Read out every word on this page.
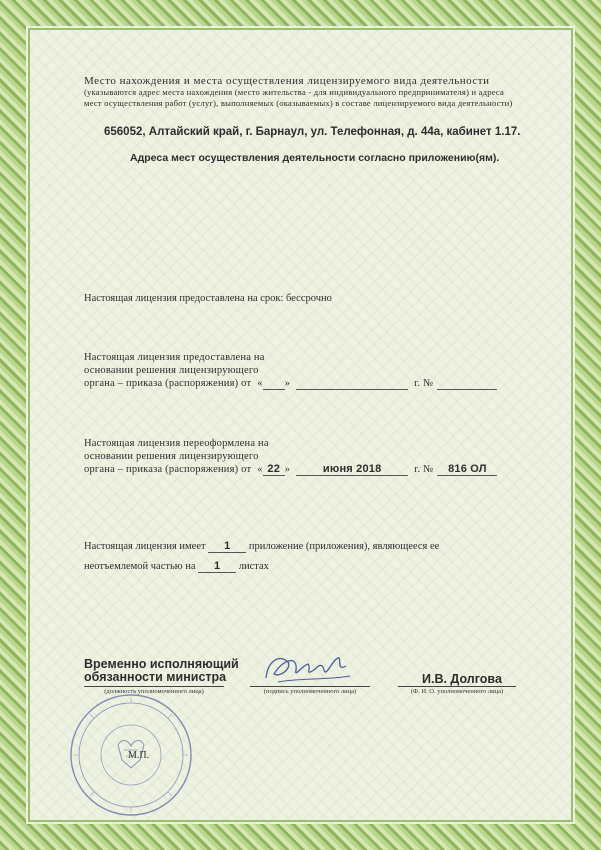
Место нахождения и места осуществления лицензируемого вида деятельности
(указываются адрес места нахождения (место жительства - для индивидуального предпринимателя) и адреса мест осуществления работ (услуг), выполняемых (оказываемых) в составе лицензируемого вида деятельности)
656052, Алтайский край, г. Барнаул, ул. Телефонная, д. 44а, кабинет 1.17.
Адреса мест осуществления деятельности согласно приложению(ям).
Настоящая лицензия предоставлена на срок: бессрочно
Настоящая лицензия предоставлена на
основании решения лицензирующего
органа – приказа (распоряжения) от « »	г. №
Настоящая лицензия переоформлена на
основании решения лицензирующего
органа – приказа (распоряжения) от « 22 »	июня 2018	г. №	816 ОЛ
Настоящая лицензия имеет 1 приложение (приложения), являющееся ее
неотъемлемой частью на 1 листах
Временно исполняющий
обязанности министра
(должность уполномоченного лица)	(подпись уполномоченного лица)
И.В. Долгова
(Ф. И. О. уполномоченного лица)
М.П.
